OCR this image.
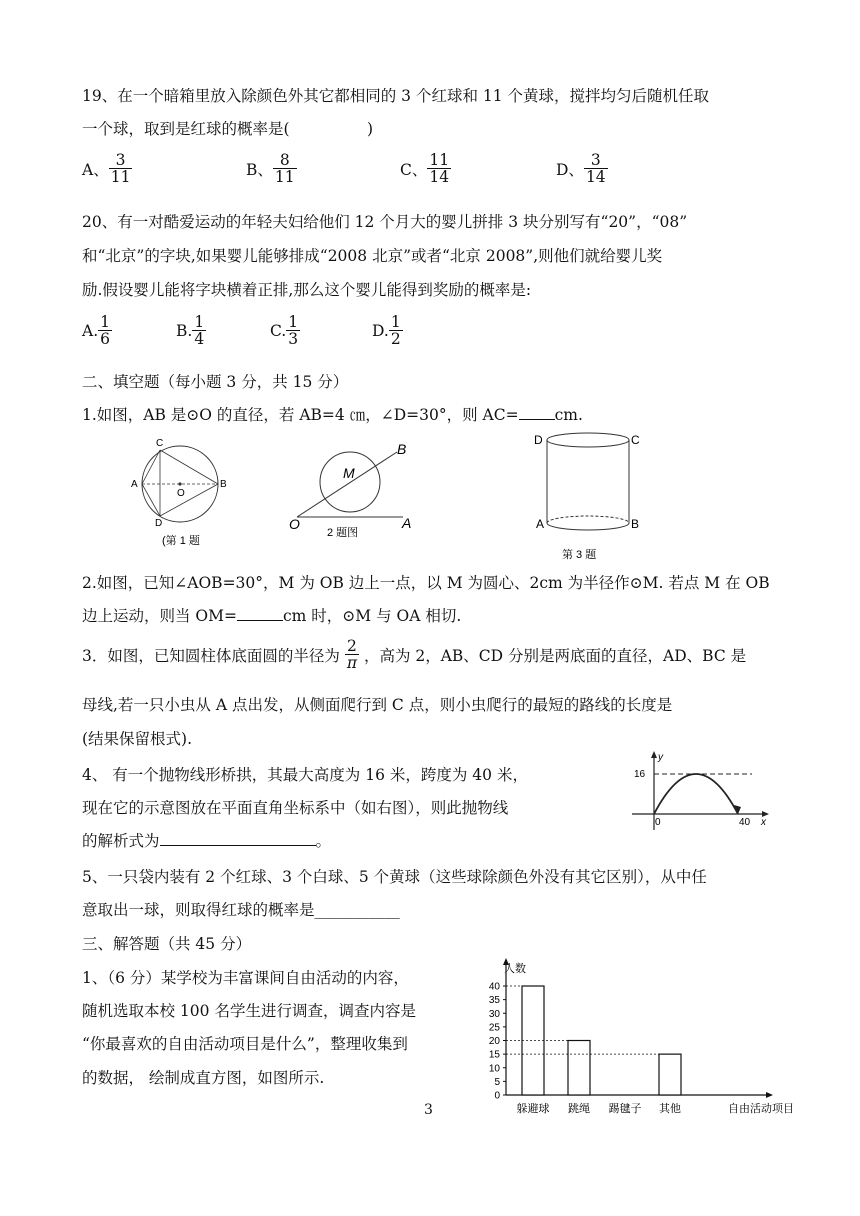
19、在一个暗箱里放入除颜色外其它都相同的 3 个红球和 11 个黄球，搅拌均匀后随机任取
一个球，取到是红球的概率是(　　　　　)
A、 $\frac{3}{11}$	B、 $\frac{8}{11}$	C、 $\frac{11}{14}$	D、 $\frac{3}{14}$
20、有一对酷爱运动的年轻夫妇给他们 12 个月大的婴儿拼排 3 块分别写有“20”，“08”
和“北京”的字块,如果婴儿能够排成“2008 北京”或者“北京 2008”,则他们就给婴儿奖
励.假设婴儿能将字块横着正排,那么这个婴儿能得到奖励的概率是:
A. $\frac{1}{6}$	B. $\frac{1}{4}$	C. $\frac{1}{3}$	D. $\frac{1}{2}$
二、填空题（每小题 3 分，共 15 分）
1.如图，AB 是⊙O 的直径，若 AB=4 ㎝，∠D=30°，则 AC= cm.
C
A
O
B
D
(第 1 题
M
B
O	A
2 题图
D	C
A	B
第 3 题
2.如图，已知∠AOB=30°，M 为 OB 边上一点，以 M 为圆心、2cm 为半径作⊙M. 若点 M 在 OB
边上运动，则当 OM=	cm 时，⊙M 与 OA 相切.
3．如图，已知圆柱体底面圆的半径为 $\frac{2}{\pi}$ ，高为 2，AB、CD 分别是两底面的直径，AD、BC 是
母线,若一只小虫从 A 点出发，从侧面爬行到 C 点，则小虫爬行的最短的路线的长度是
(结果保留根式).
4、 有一个抛物线形桥拱，其最大高度为 16 米，跨度为 40 米，
现在它的示意图放在平面直角坐标系中（如右图），则此抛物线
的解析式为	。
y
16
0	40 x
5、一只袋内装有 2 个红球、3 个白球、5 个黄球（这些球除颜色外没有其它区别），从中任
意取出一球，则取得红球的概率是___________
三、解答题（共 45 分）
1、（6 分）某学校为丰富课间自由活动的内容，
随机选取本校 100 名学生进行调查，调查内容是
“你最喜欢的自由活动项目是什么”，整理收集到
的数据， 绘制成直方图，如图所示.
0
5
10
15
20
25
30
35
40
人数
自由活动项目
躲避球 跳绳 踢毽子 其他
3
